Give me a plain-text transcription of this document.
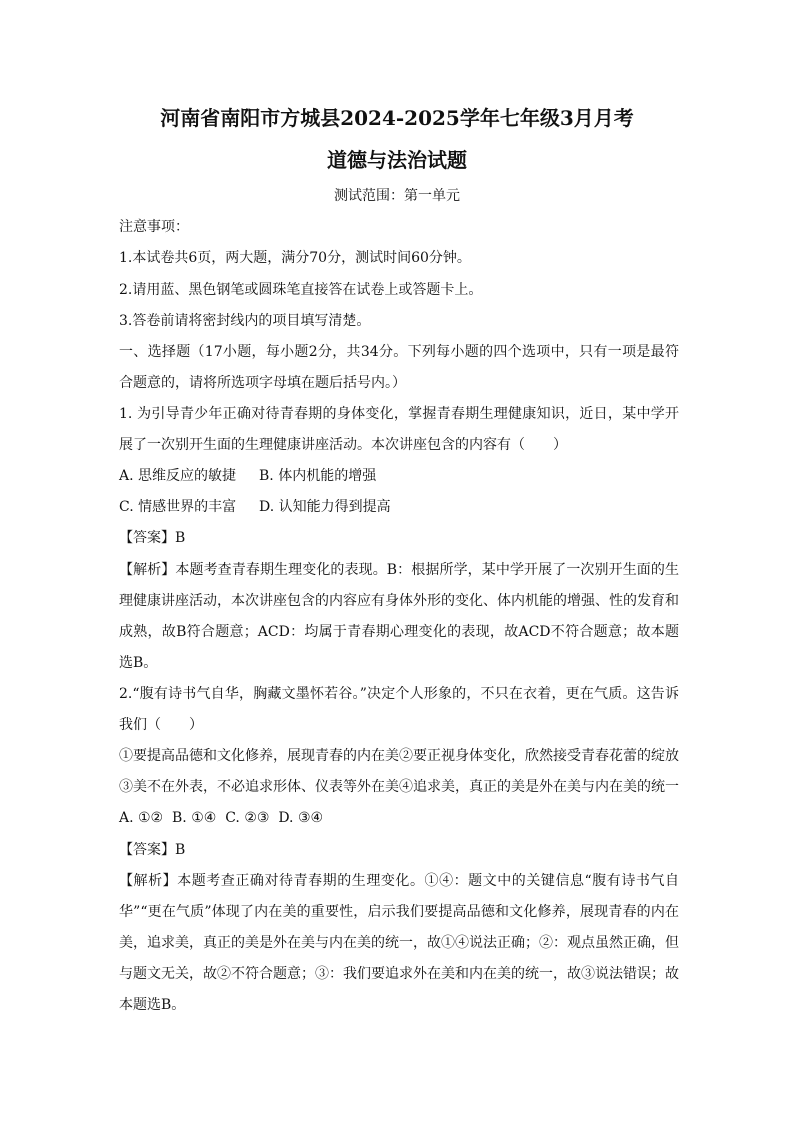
河南省南阳市方城县2024-2025学年七年级3月月考
道德与法治试题
测试范围：第一单元
注意事项：
1.本试卷共6页，两大题，满分70分，测试时间60分钟。
2.请用蓝、黑色钢笔或圆珠笔直接答在试卷上或答题卡上。
3.答卷前请将密封线内的项目填写清楚。
一、选择题（17小题，每小题2分，共34分。下列每小题的四个选项中，只有一项是最符
合题意的，请将所选项字母填在题后括号内。）
1. 为引导青少年正确对待青春期的身体变化，掌握青春期生理健康知识，近日，某中学开
展了一次别开生面的生理健康讲座活动。本次讲座包含的内容有（　　）
A. 思维反应的敏捷 B. 体内机能的增强
C. 情感世界的丰富 D. 认知能力得到提高
【答案】B
【解析】本题考查青春期生理变化的表现。B：根据所学，某中学开展了一次别开生面的生
理健康讲座活动，本次讲座包含的内容应有身体外形的变化、体内机能的增强、性的发育和
成熟，故B符合题意；ACD：均属于青春期心理变化的表现，故ACD不符合题意；故本题
选B。
2.“腹有诗书气自华，胸藏文墨怀若谷。”决定个人形象的，不只在衣着，更在气质。这告诉
我们（　　）
①要提高品德和文化修养，展现青春的内在美②要正视身体变化，欣然接受青春花蕾的绽放
③美不在外表，不必追求形体、仪表等外在美④追求美，真正的美是外在美与内在美的统一
A. ①②  B. ①④  C. ②③  D. ③④
【答案】B
【解析】本题考查正确对待青春期的生理变化。①④：题文中的关键信息“腹有诗书气自
华”“更在气质”体现了内在美的重要性，启示我们要提高品德和文化修养，展现青春的内在
美，追求美，真正的美是外在美与内在美的统一，故①④说法正确；②：观点虽然正确，但
与题文无关，故②不符合题意；③：我们要追求外在美和内在美的统一，故③说法错误；故
本题选B。
